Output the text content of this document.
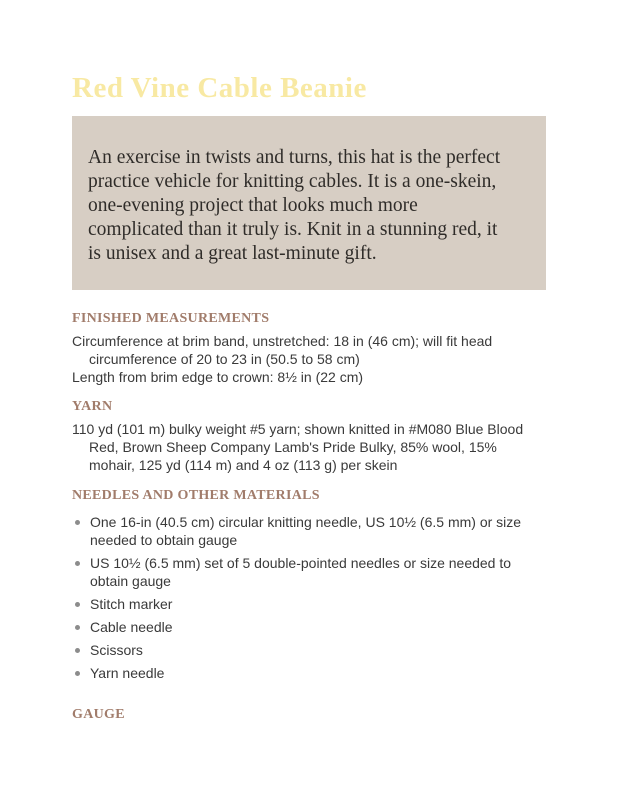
Red Vine Cable Beanie
An exercise in twists and turns, this hat is the perfect
practice vehicle for knitting cables. It is a one-skein,
one-evening project that looks much more
complicated than it truly is. Knit in a stunning red, it
is unisex and a great last-minute gift.
FINISHED MEASUREMENTS
Circumference at brim band, unstretched: 18 in (46 cm); will fit head
circumference of 20 to 23 in (50.5 to 58 cm)
Length from brim edge to crown: 8½ in (22 cm)
YARN
110 yd (101 m) bulky weight #5 yarn; shown knitted in #M080 Blue Blood
Red, Brown Sheep Company Lamb's Pride Bulky, 85% wool, 15%
mohair, 125 yd (114 m) and 4 oz (113 g) per skein
NEEDLES AND OTHER MATERIALS
One 16-in (40.5 cm) circular knitting needle, US 10½ (6.5 mm) or size
needed to obtain gauge
US 10½ (6.5 mm) set of 5 double-pointed needles or size needed to
obtain gauge
Stitch marker
Cable needle
Scissors
Yarn needle
GAUGE
